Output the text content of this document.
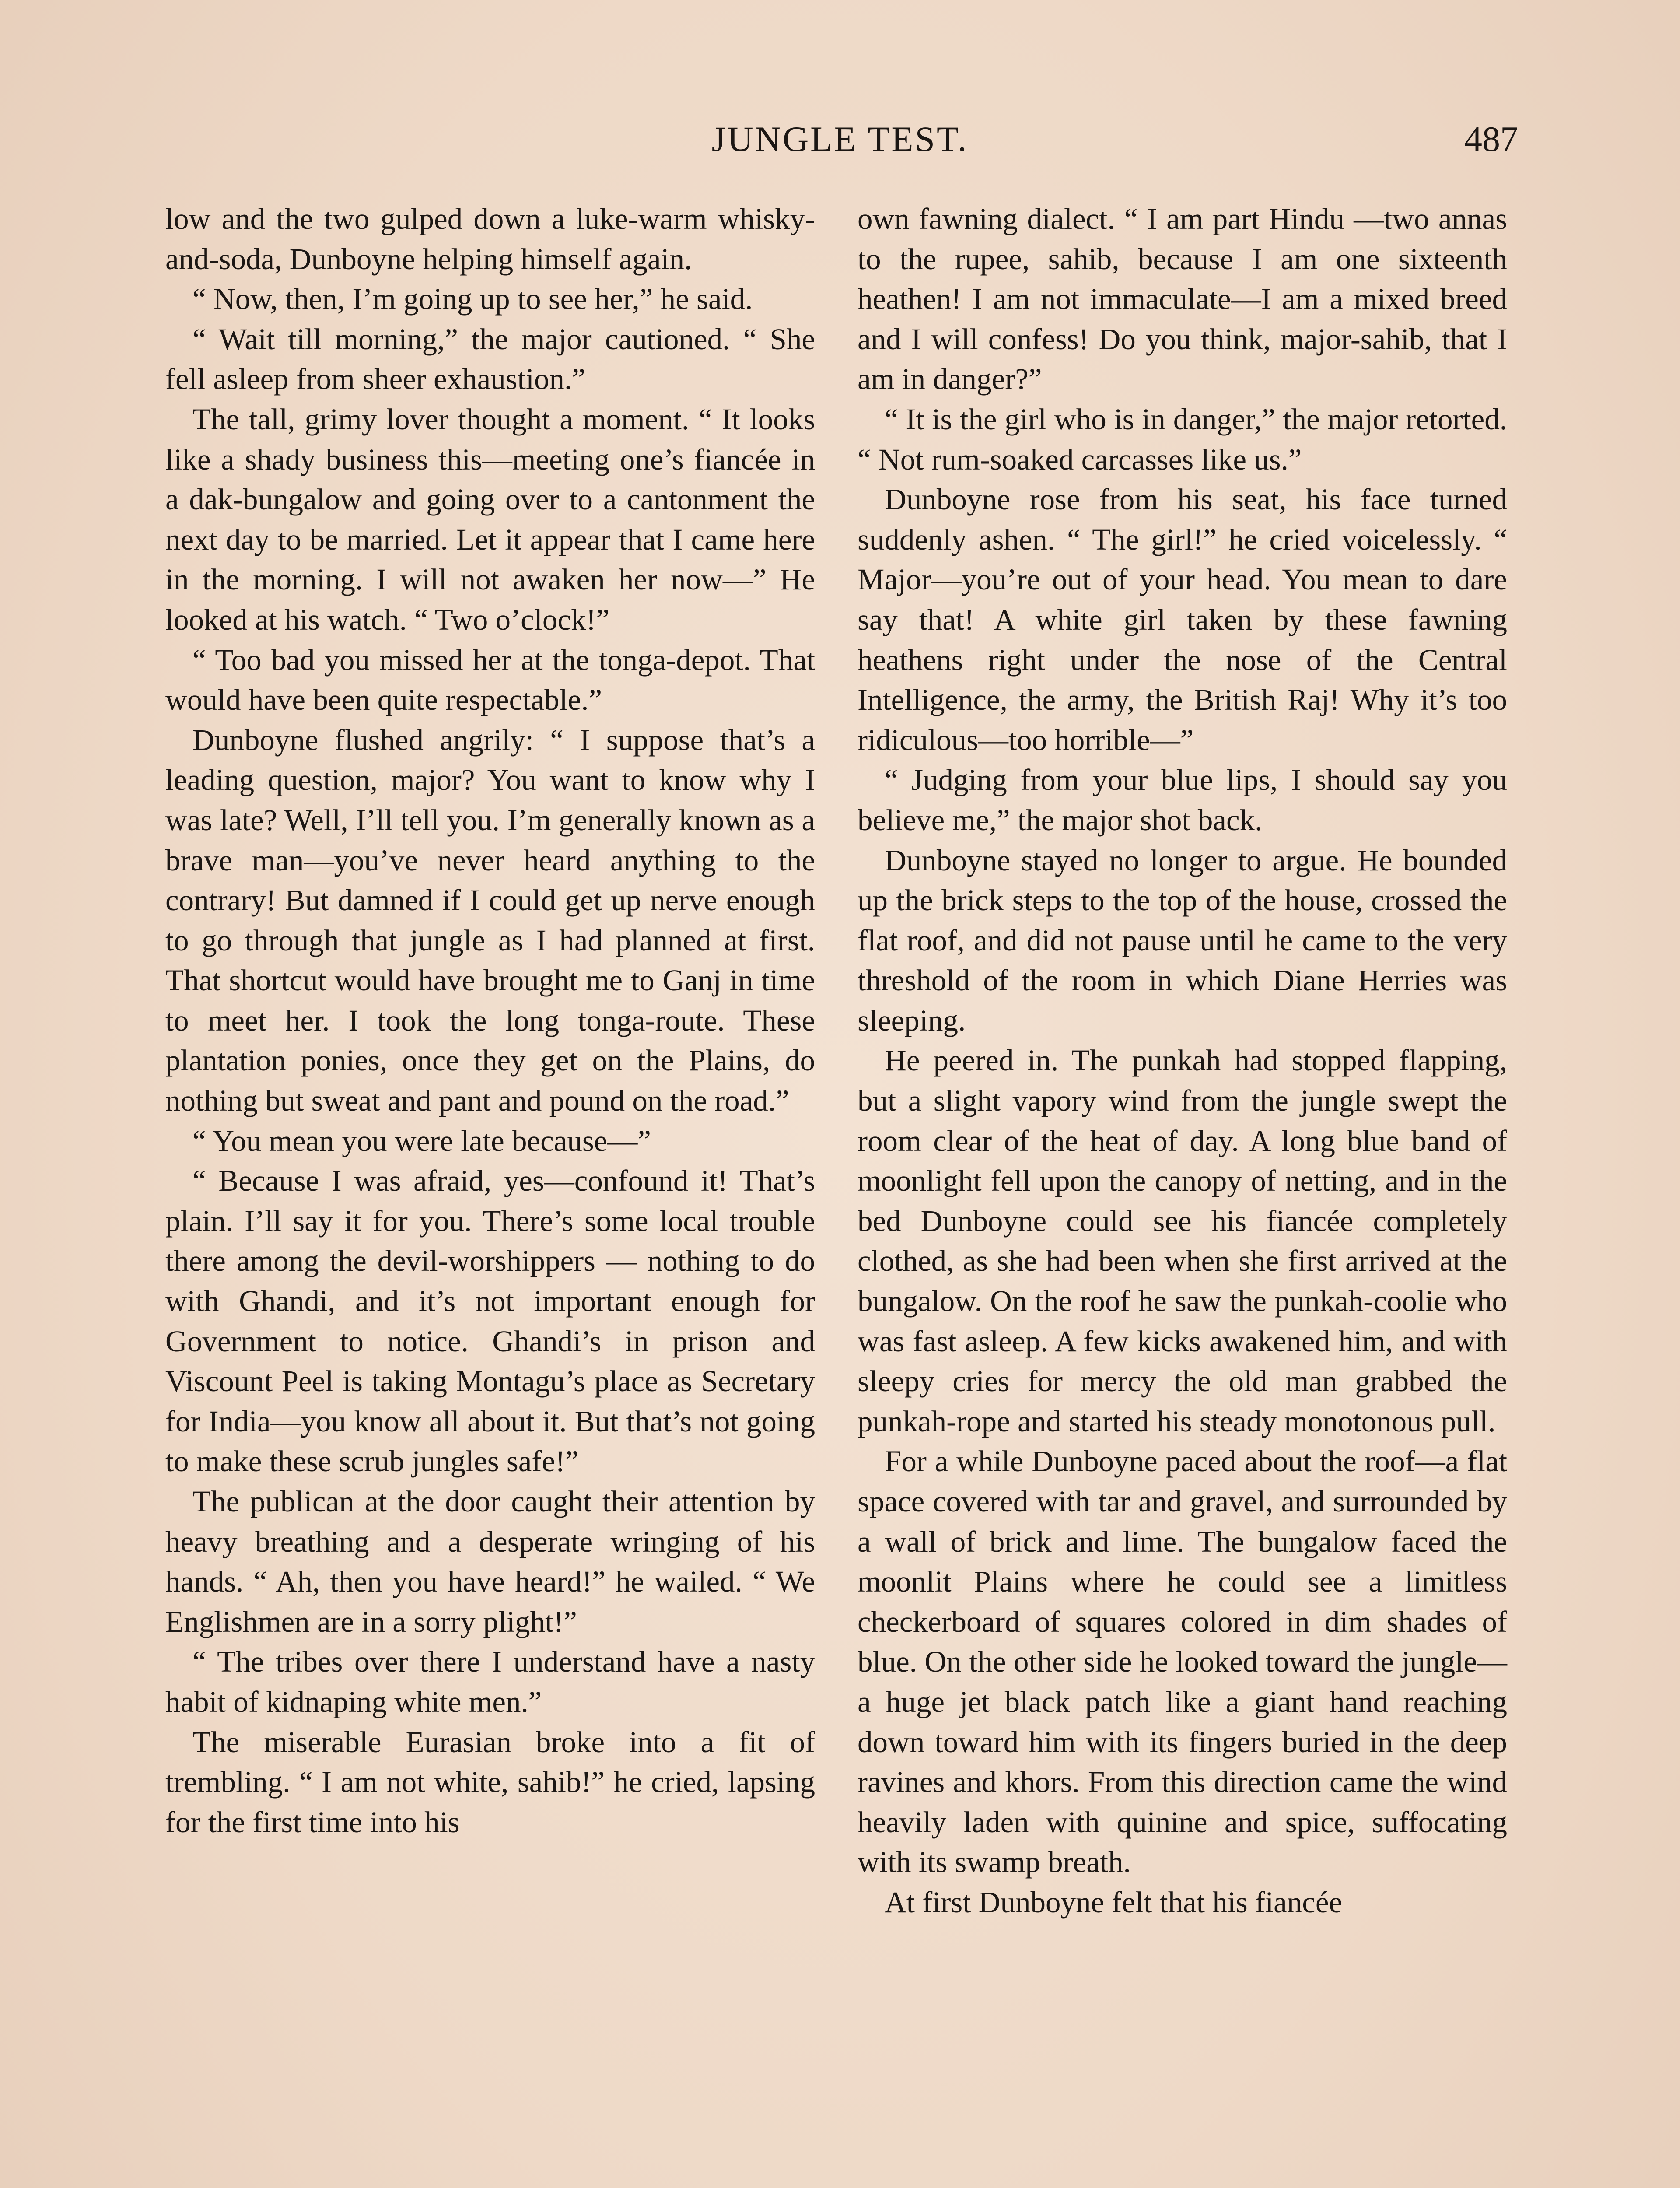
JUNGLE TEST.	487

low and the two gulped down a luke-warm whisky-and-soda, Dunboyne helping himself again.

“ Now, then, I’m going up to see her,” he said.

“ Wait till morning,” the major cautioned. “ She fell asleep from sheer exhaustion.”

The tall, grimy lover thought a moment. “ It looks like a shady business this—meeting one’s fiancée in a dak-bungalow and going over to a cantonment the next day to be married. Let it appear that I came here in the morning. I will not awaken her now—” He looked at his watch. “ Two o’clock!”

“ Too bad you missed her at the tonga-depot. That would have been quite respectable.”

Dunboyne flushed angrily: “ I suppose that’s a leading question, major? You want to know why I was late? Well, I’ll tell you. I’m generally known as a brave man—you’ve never heard anything to the contrary! But damned if I could get up nerve enough to go through that jungle as I had planned at first. That shortcut would have brought me to Ganj in time to meet her. I took the long tonga-route. These plantation ponies, once they get on the Plains, do nothing but sweat and pant and pound on the road.”

“ You mean you were late because—”

“ Because I was afraid, yes—confound it! That’s plain. I’ll say it for you. There’s some local trouble there among the devil-worshippers — nothing to do with Ghandi, and it’s not important enough for Government to notice. Ghandi’s in prison and Viscount Peel is taking Montagu’s place as Secretary for India—you know all about it. But that’s not going to make these scrub jungles safe!”

The publican at the door caught their attention by heavy breathing and a desperate wringing of his hands. “ Ah, then you have heard!” he wailed. “ We Englishmen are in a sorry plight!”

“ The tribes over there I understand have a nasty habit of kidnaping white men.”

The miserable Eurasian broke into a fit of trembling. “ I am not white, sahib!” he cried, lapsing for the first time into his

own fawning dialect. “ I am part Hindu —two annas to the rupee, sahib, because I am one sixteenth heathen! I am not immaculate—I am a mixed breed and I will confess! Do you think, major-sahib, that I am in danger?”

“ It is the girl who is in danger,” the major retorted. “ Not rum-soaked carcasses like us.”

Dunboyne rose from his seat, his face turned suddenly ashen. “ The girl!” he cried voicelessly. “ Major—you’re out of your head. You mean to dare say that! A white girl taken by these fawning heathens right under the nose of the Central Intelligence, the army, the British Raj! Why it’s too ridiculous—too horrible—”

“ Judging from your blue lips, I should say you believe me,” the major shot back.

Dunboyne stayed no longer to argue. He bounded up the brick steps to the top of the house, crossed the flat roof, and did not pause until he came to the very threshold of the room in which Diane Herries was sleeping.

He peered in. The punkah had stopped flapping, but a slight vapory wind from the jungle swept the room clear of the heat of day. A long blue band of moonlight fell upon the canopy of netting, and in the bed Dunboyne could see his fiancée completely clothed, as she had been when she first arrived at the bungalow. On the roof he saw the punkah-coolie who was fast asleep. A few kicks awakened him, and with sleepy cries for mercy the old man grabbed the punkah-rope and started his steady monotonous pull.

For a while Dunboyne paced about the roof—a flat space covered with tar and gravel, and surrounded by a wall of brick and lime. The bungalow faced the moonlit Plains where he could see a limitless checkerboard of squares colored in dim shades of blue. On the other side he looked toward the jungle—a huge jet black patch like a giant hand reaching down toward him with its fingers buried in the deep ravines and khors. From this direction came the wind heavily laden with quinine and spice, suffocating with its swamp breath.

At first Dunboyne felt that his fiancée
